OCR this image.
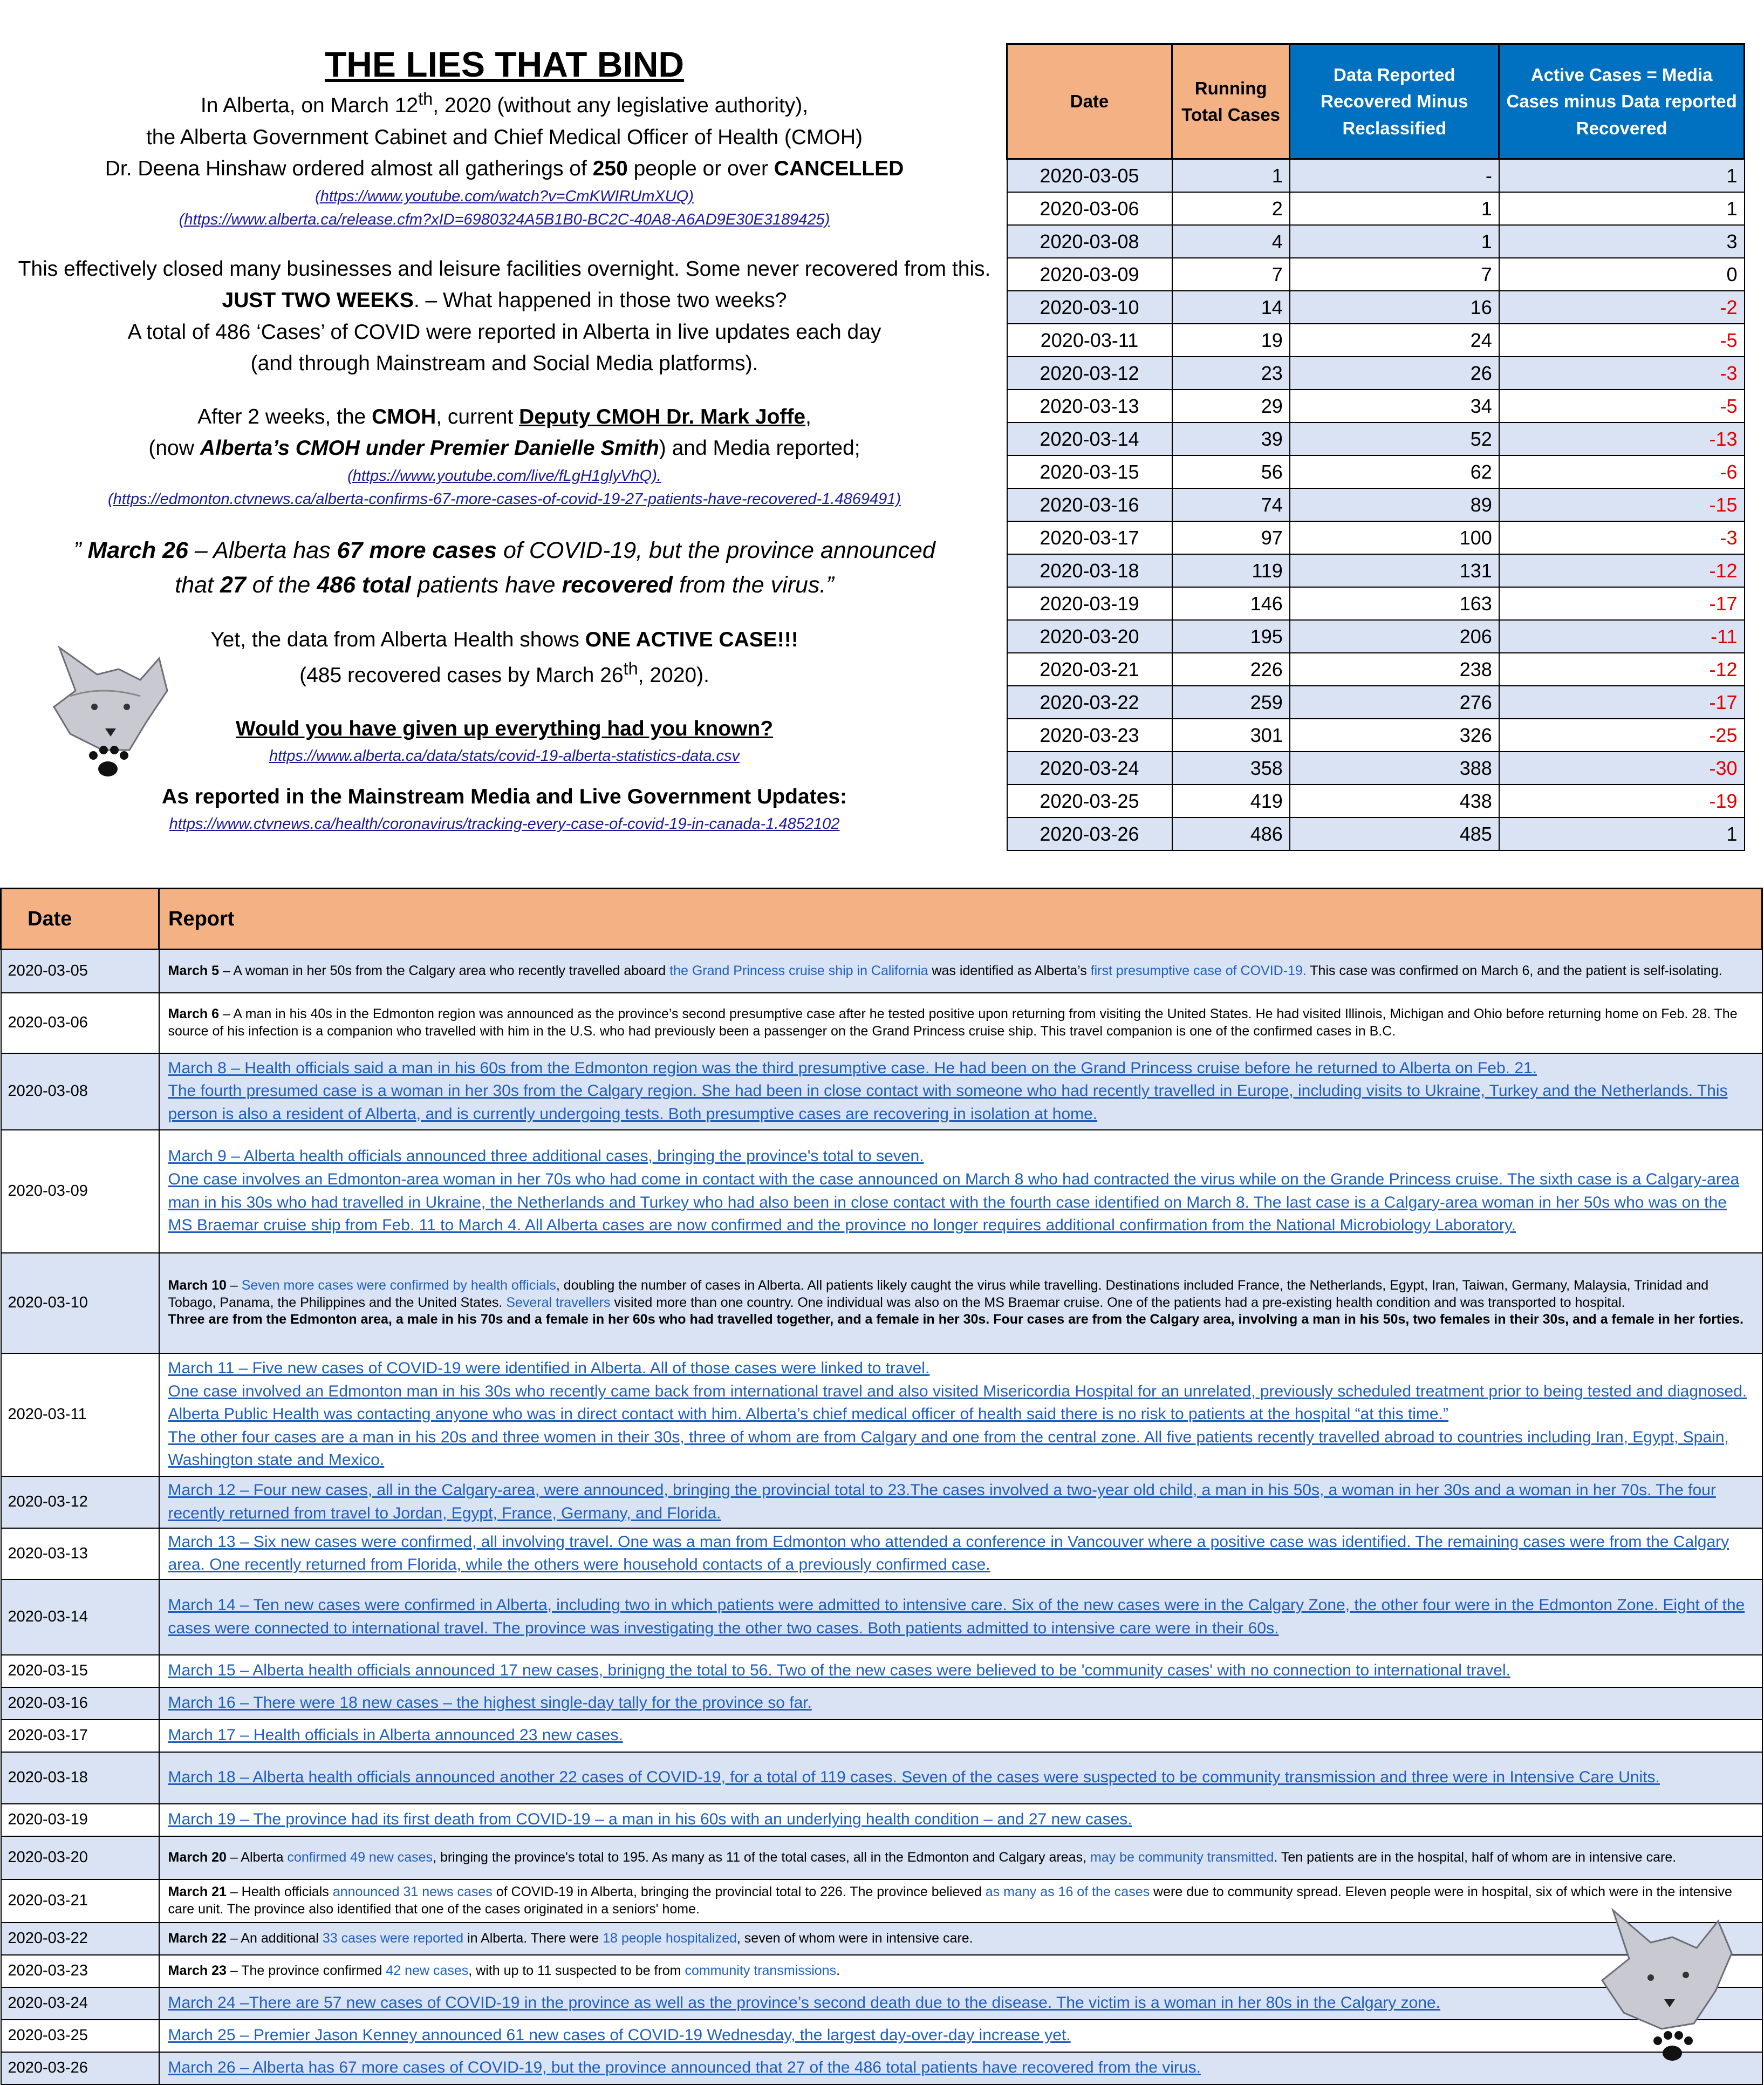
THE LIES THAT BIND

In Alberta, on March 12th, 2020 (without any legislative authority),

the Alberta Government Cabinet and Chief Medical Officer of Health (CMOH)

Dr. Deena Hinshaw ordered almost all gatherings of 250 people or over CANCELLED

(https://www.youtube.com/watch?v=CmKWIRUmXUQ)

(https://www.alberta.ca/release.cfm?xID=6980324A5B1B0-BC2C-40A8-A6AD9E30E3189425)

This effectively closed many businesses and leisure facilities overnight. Some never recovered from this.

JUST TWO WEEKS. – What happened in those two weeks?

A total of 486 ‘Cases’ of COVID were reported in Alberta in live updates each day

(and through Mainstream and Social Media platforms).

After 2 weeks, the CMOH, current Deputy CMOH Dr. Mark Joffe,

(now Alberta’s CMOH under Premier Danielle Smith) and Media reported;

(https://www.youtube.com/live/fLgH1glyVhQ).

(https://edmonton.ctvnews.ca/alberta-confirms-67-more-cases-of-covid-19-27-patients-have-recovered-1.4869491)

” March 26 – Alberta has 67 more cases of COVID-19, but the province announced

that 27 of the 486 total patients have recovered from the virus.”

Yet, the data from Alberta Health shows ONE ACTIVE CASE!!!

(485 recovered cases by March 26th, 2020).

Would you have given up everything had you known?

https://www.alberta.ca/data/stats/covid-19-alberta-statistics-data.csv

As reported in the Mainstream Media and Live Government Updates:

https://www.ctvnews.ca/health/coronavirus/tracking-every-case-of-covid-19-in-canada-1.4852102

Date	Running Total Cases	Data Reported Recovered Minus Reclassified	Active Cases = Media Cases minus Data reported Recovered
2020-03-05	1	-	1
2020-03-06	2	1	1
2020-03-08	4	1	3
2020-03-09	7	7	0
2020-03-10	14	16	-2
2020-03-11	19	24	-5
2020-03-12	23	26	-3
2020-03-13	29	34	-5
2020-03-14	39	52	-13
2020-03-15	56	62	-6
2020-03-16	74	89	-15
2020-03-17	97	100	-3
2020-03-18	119	131	-12
2020-03-19	146	163	-17
2020-03-20	195	206	-11
2020-03-21	226	238	-12
2020-03-22	259	276	-17
2020-03-23	301	326	-25
2020-03-24	358	388	-30
2020-03-25	419	438	-19
2020-03-26	486	485	1
Date	Report
2020-03-05	March 5 – A woman in her 50s from the Calgary area who recently travelled aboard the Grand Princess cruise ship in California was identified as Alberta’s first presumptive case of COVID-19. This case was confirmed on March 6, and the patient is self-isolating.

2020-03-06	March 6 – A man in his 40s in the Edmonton region was announced as the province’s second presumptive case after he tested positive upon returning from visiting the United States. He had visited Illinois, Michigan and Ohio before returning home on Feb. 28. The source of his infection is a companion who travelled with him in the U.S. who had previously been a passenger on the Grand Princess cruise ship. This travel companion is one of the confirmed cases in B.C.

2020-03-08	March 8 – Health officials said a man in his 60s from the Edmonton region was the third presumptive case. He had been on the Grand Princess cruise before he returned to Alberta on Feb. 21.
The fourth presumed case is a woman in her 30s from the Calgary region. She had been in close contact with someone who had recently travelled in Europe, including visits to Ukraine, Turkey and the Netherlands. This person is also a resident of Alberta, and is currently undergoing tests. Both presumptive cases are recovering in isolation at home.

2020-03-09	March 9 – Alberta health officials announced three additional cases, bringing the province's total to seven.
One case involves an Edmonton-area woman in her 70s who had come in contact with the case announced on March 8 who had contracted the virus while on the Grande Princess cruise. The sixth case is a Calgary-area man in his 30s who had travelled in Ukraine, the Netherlands and Turkey who had also been in close contact with the fourth case identified on March 8. The last case is a Calgary-area woman in her 50s who was on the MS Braemar cruise ship from Feb. 11 to March 4. All Alberta cases are now confirmed and the province no longer requires additional confirmation from the National Microbiology Laboratory.

2020-03-10	March 10 – Seven more cases were confirmed by health officials, doubling the number of cases in Alberta. All patients likely caught the virus while travelling. Destinations included France, the Netherlands, Egypt, Iran, Taiwan, Germany, Malaysia, Trinidad and Tobago, Panama, the Philippines and the United States. Several travellers visited more than one country. One individual was also on the MS Braemar cruise. One of the patients had a pre-existing health condition and was transported to hospital.
Three are from the Edmonton area, a male in his 70s and a female in her 60s who had travelled together, and a female in her 30s. Four cases are from the Calgary area, involving a man in his 50s, two females in their 30s, and a female in her forties.

2020-03-11	March 11 – Five new cases of COVID-19 were identified in Alberta. All of those cases were linked to travel.
One case involved an Edmonton man in his 30s who recently came back from international travel and also visited Misericordia Hospital for an unrelated, previously scheduled treatment prior to being tested and diagnosed. Alberta Public Health was contacting anyone who was in direct contact with him. Alberta’s chief medical officer of health said there is no risk to patients at the hospital “at this time.”
The other four cases are a man in his 20s and three women in their 30s, three of whom are from Calgary and one from the central zone. All five patients recently travelled abroad to countries including Iran, Egypt, Spain, Washington state and Mexico.

2020-03-12	March 12 – Four new cases, all in the Calgary-area, were announced, bringing the provincial total to 23.The cases involved a two-year old child, a man in his 50s, a woman in her 30s and a woman in her 70s. The four recently returned from travel to Jordan, Egypt, France, Germany, and Florida.

2020-03-13	March 13 – Six new cases were confirmed, all involving travel. One was a man from Edmonton who attended a conference in Vancouver where a positive case was identified. The remaining cases were from the Calgary area. One recently returned from Florida, while the others were household contacts of a previously confirmed case.

2020-03-14	March 14 – Ten new cases were confirmed in Alberta, including two in which patients were admitted to intensive care. Six of the new cases were in the Calgary Zone, the other four were in the Edmonton Zone. Eight of the cases were connected to international travel. The province was investigating the other two cases. Both patients admitted to intensive care were in their 60s.

2020-03-15	March 15 – Alberta health officials announced 17 new cases, brinigng the total to 56. Two of the new cases were believed to be 'community cases' with no connection to international travel.

2020-03-16	March 16 – There were 18 new cases – the highest single-day tally for the province so far.

2020-03-17	March 17 – Health officials in Alberta announced 23 new cases.

2020-03-18	March 18 – Alberta health officials announced another 22 cases of COVID-19, for a total of 119 cases. Seven of the cases were suspected to be community transmission and three were in Intensive Care Units.

2020-03-19	March 19 – The province had its first death from COVID-19 – a man in his 60s with an underlying health condition – and 27 new cases.

2020-03-20	March 20 – Alberta confirmed 49 new cases, bringing the province's total to 195. As many as 11 of the total cases, all in the Edmonton and Calgary areas, may be community transmitted. Ten patients are in the hospital, half of whom are in intensive care.

2020-03-21	March 21 – Health officials announced 31 news cases of COVID-19 in Alberta, bringing the provincial total to 226. The province believed as many as 16 of the cases were due to community spread. Eleven people were in hospital, six of which were in the intensive care unit. The province also identified that one of the cases originated in a seniors' home.

2020-03-22	March 22 – An additional 33 cases were reported in Alberta. There were 18 people hospitalized, seven of whom were in intensive care.

2020-03-23	March 23 – The province confirmed 42 new cases, with up to 11 suspected to be from community transmissions.

2020-03-24	March 24 –There are 57 new cases of COVID-19 in the province as well as the province’s second death due to the disease. The victim is a woman in her 80s in the Calgary zone.

2020-03-25	March 25 – Premier Jason Kenney announced 61 new cases of COVID-19 Wednesday, the largest day-over-day increase yet.

2020-03-26	March 26 – Alberta has 67 more cases of COVID-19, but the province announced that 27 of the 486 total patients have recovered from the virus.
